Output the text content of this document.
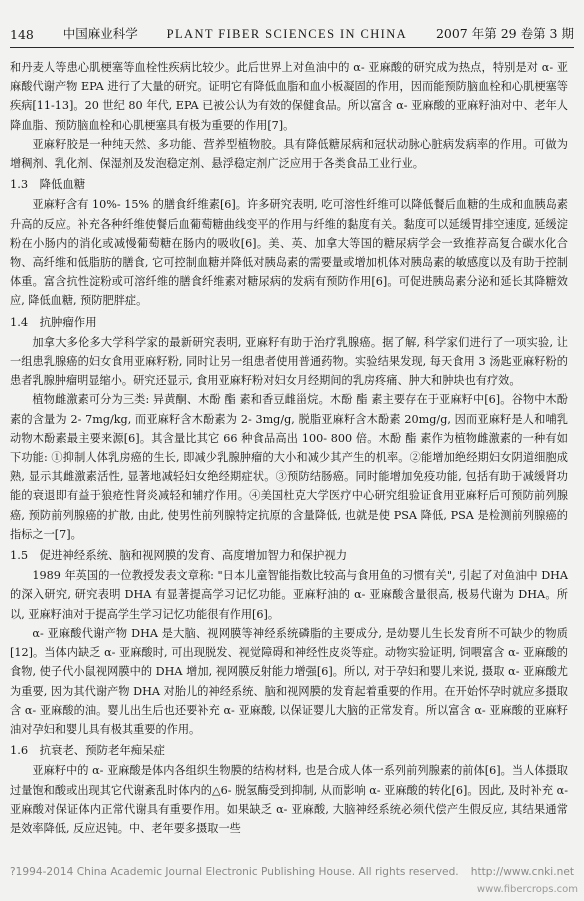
148 中国麻业科学 PLANT FIBER SCIENCES IN CHINA 2007 年第 29 卷第 3 期

和丹麦人等患心肌梗塞等血栓性疾病比较少。此后世界上对鱼油中的 α- 亚麻酸的研究成为热点，特别是对 α- 亚麻酸代谢产物 EPA 进行了大量的研究。证明它有降低血脂和血小板凝固的作用，因而能预防脑血栓和心肌梗塞等疾病[11-13]。20 世纪 80 年代, EPA 已被公认为有效的保健食品。所以富含 α- 亚麻酸的亚麻籽油对中、老年人降血脂、预防脑血栓和心肌梗塞具有极为重要的作用[7]。

亚麻籽胶是一种纯天然、多功能、营养型植物胶。具有降低糖尿病和冠状动脉心脏病发病率的作用。可做为增稠剂、乳化剂、保湿剂及发泡稳定剂、悬浮稳定剂广泛应用于各类食品工业行业。

1.3 降低血糖

亚麻籽含有 10%- 15% 的膳食纤维素[6]。许多研究表明, 吃可溶性纤维可以降低餐后血糖的生成和血胰岛素升高的反应。补充各种纤维使餐后血葡萄糖曲线变平的作用与纤维的黏度有关。黏度可以延缓胃排空速度, 延缓淀粉在小肠内的消化或减慢葡萄糖在肠内的吸收[6]。美、英、加拿大等国的糖尿病学会一致推荐高复合碳水化合物、高纤维和低脂肪的膳食, 它可控制血糖并降低对胰岛素的需要量或增加机体对胰岛素的敏感度以及有助于控制体重。富含抗性淀粉或可溶纤维的膳食纤维素对糖尿病的发病有预防作用[6]。可促进胰岛素分泌和延长其降糖效应, 降低血糖, 预防肥胖症。

1.4 抗肿瘤作用

加拿大多伦多大学科学家的最新研究表明, 亚麻籽有助于治疗乳腺癌。据了解, 科学家们进行了一项实验, 让一组患乳腺癌的妇女食用亚麻籽粉, 同时让另一组患者使用普通药物。实验结果发现, 每天食用 3 汤匙亚麻籽粉的患者乳腺肿瘤明显缩小。研究还显示, 食用亚麻籽粉对妇女月经期间的乳房疼痛、肿大和肿块也有疗效。

植物雌激素可分为三类: 异黄酮、木酚 酯 素和香豆雌甾烷。木酚 酯 素主要存在于亚麻籽中[6]。谷物中木酚素的含量为 2- 7mg/kg, 而亚麻籽含木酚素为 2- 3mg/g, 脱脂亚麻籽含木酚素 20mg/g, 因而亚麻籽是人和哺乳动物木酚素最主要来源[6]。其含量比其它 66 种食品高出 100- 800 倍。木酚 酯 素作为植物雌激素的一种有如下功能: ①抑制人体乳房癌的生长, 即减少乳腺肿瘤的大小和减少其产生的机率。②能增加绝经期妇女阴道细胞成熟, 显示其雌激素活性, 显著地减轻妇女绝经期症状。③预防结肠癌。同时能增加免疫功能, 包括有助于减缓肾功能的衰退即有益于狼疮性肾炎减轻和辅疗作用。④美国杜克大学医疗中心研究组验证食用亚麻籽后可预防前列腺癌, 预防前列腺癌的扩散, 由此, 使男性前列腺特定抗原的含量降低, 也就是使 PSA 降低, PSA 是检测前列腺癌的指标之一[7]。

1.5 促进神经系统、脑和视网膜的发育、高度增加智力和保护视力

1989 年英国的一位教授发表文章称: "日本儿童智能指数比较高与食用鱼的习惯有关", 引起了对鱼油中 DHA 的深入研究, 研究表明 DHA 有显著提高学习记忆功能。亚麻籽油的 α- 亚麻酸含量很高, 极易代谢为 DHA。所以, 亚麻籽油对于提高学生学习记忆功能很有作用[6]。

α- 亚麻酸代谢产物 DHA 是大脑、视网膜等神经系统磷脂的主要成分, 是幼婴儿生长发育所不可缺少的物质[12]。当体内缺乏 α- 亚麻酸时, 可出现脱发、视觉障碍和神经性皮炎等症。动物实验证明, 饲喂富含 α- 亚麻酸的食物, 使子代小鼠视网膜中的 DHA 增加, 视网膜反射能力增强[6]。所以, 对于孕妇和婴儿来说, 摄取 α- 亚麻酸尤为重要, 因为其代谢产物 DHA 对胎儿的神经系统、脑和视网膜的发育起着重要的作用。在开始怀孕时就应多摄取含 α- 亚麻酸的油。婴儿出生后也还要补充 α- 亚麻酸, 以保证婴儿大脑的正常发育。所以富含 α- 亚麻酸的亚麻籽油对孕妇和婴儿具有极其重要的作用。

1.6 抗衰老、预防老年痴呆症

亚麻籽中的 α- 亚麻酸是体内各组织生物膜的结构材料, 也是合成人体一系列前列腺素的前体[6]。当人体摄取过量饱和酸或出现其它代谢紊乱时体内的△6- 脱氢酶受到抑制, 从而影响 α- 亚麻酸的转化[6]。因此, 及时补充 α- 亚麻酸对保证体内正常代谢具有重要作用。如果缺乏 α- 亚麻酸, 大脑神经系统必须代偿产生假反应, 其结果通常是效率降低, 反应迟钝。中、老年要多摄取一些

?1994-2014 China Academic Journal Electronic Publishing House. All rights reserved. http://www.cnki.net
www.fibercrops.com
